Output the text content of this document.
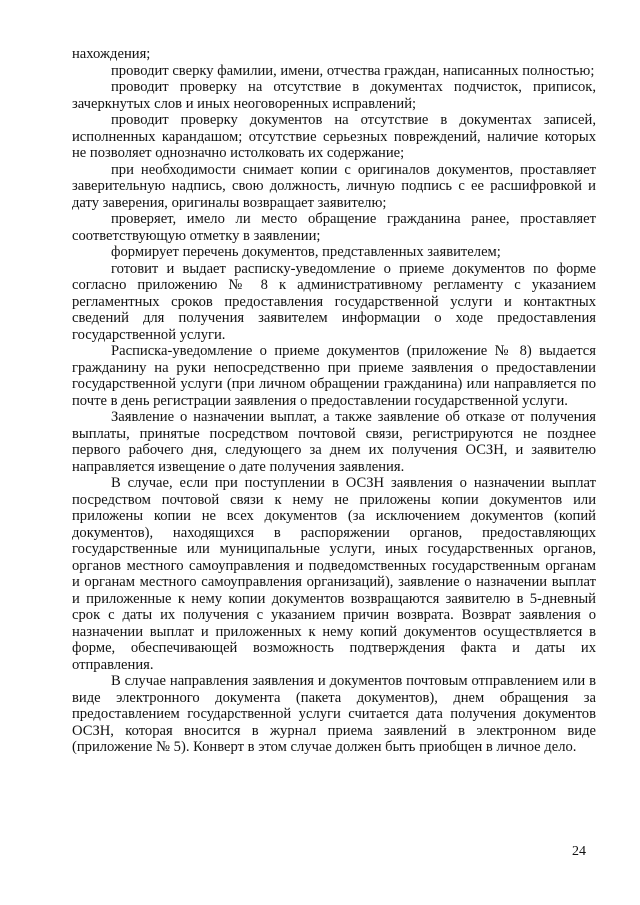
нахождения;

проводит сверку фамилии, имени, отчества граждан, написанных полностью;

проводит проверку на отсутствие в документах подчисток, приписок, зачеркнутых слов и иных неоговоренных исправлений;

проводит проверку документов на отсутствие в документах записей, исполненных карандашом; отсутствие серьезных повреждений, наличие которых не позволяет однозначно истолковать их содержание;

при необходимости снимает копии с оригиналов документов, проставляет заверительную надпись, свою должность, личную подпись с ее расшифровкой и дату заверения, оригиналы возвращает заявителю;

проверяет, имело ли место обращение гражданина ранее, проставляет соответствующую отметку в заявлении;

формирует перечень документов, представленных заявителем;

готовит и выдает расписку-уведомление о приеме документов по форме согласно приложению № 8 к административному регламенту с указанием регламентных сроков предоставления государственной услуги и контактных сведений для получения заявителем информации о ходе предоставления государственной услуги.

Расписка-уведомление о приеме документов (приложение № 8) выдается гражданину на руки непосредственно при приеме заявления о предоставлении государственной услуги (при личном обращении гражданина) или направляется по почте в день регистрации заявления о предоставлении государственной услуги.

Заявление о назначении выплат, а также заявление об отказе от получения выплаты, принятые посредством почтовой связи, регистрируются не позднее первого рабочего дня, следующего за днем их получения ОСЗН, и заявителю направляется извещение о дате получения заявления.

В случае, если при поступлении в ОСЗН заявления о назначении выплат посредством почтовой связи к нему не приложены копии документов или приложены копии не всех документов (за исключением документов (копий документов), находящихся в распоряжении органов, предоставляющих государственные или муниципальные услуги, иных государственных органов, органов местного самоуправления и подведомственных государственным органам и органам местного самоуправления организаций), заявление о назначении выплат и приложенные к нему копии документов возвращаются заявителю в 5-дневный срок с даты их получения с указанием причин возврата. Возврат заявления о назначении выплат и приложенных к нему копий документов осуществляется в форме, обеспечивающей возможность подтверждения факта и даты их отправления.

В случае направления заявления и документов почтовым отправлением или в виде электронного документа (пакета документов), днем обращения за предоставлением государственной услуги считается дата получения документов ОСЗН, которая вносится в журнал приема заявлений в электронном виде (приложение № 5). Конверт в этом случае должен быть приобщен в личное дело.

24
